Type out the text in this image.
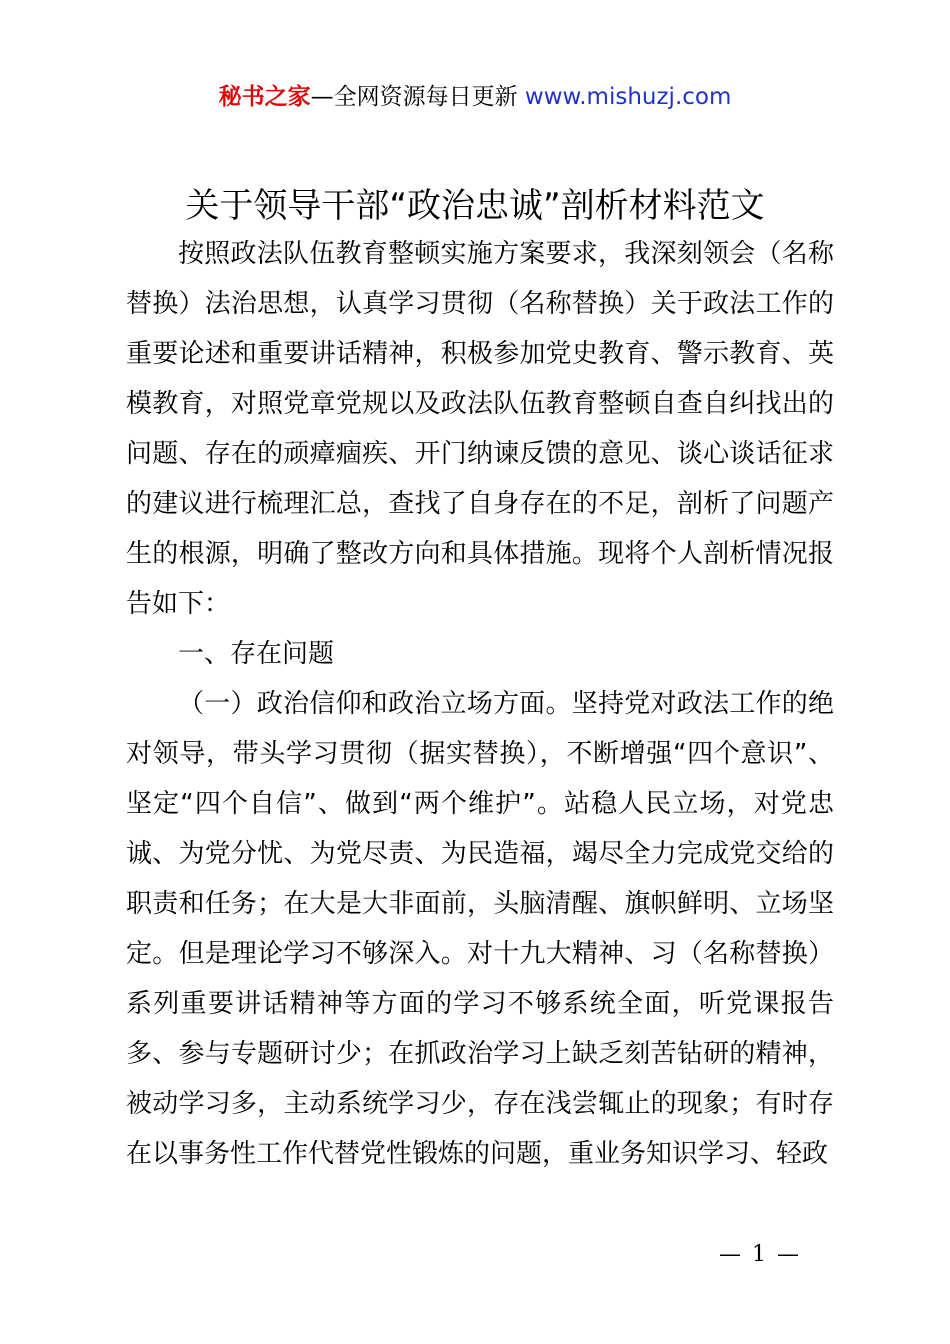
秘书之家—全网资源每日更新 www.mishuzj.com
关于领导干部“政治忠诚”剖析材料范文

按照政法队伍教育整顿实施方案要求，我深刻领会（名称替换）法治思想，认真学习贯彻（名称替换）关于政法工作的重要论述和重要讲话精神，积极参加党史教育、警示教育、英模教育，对照党章党规以及政法队伍教育整顿自查自纠找出的问题、存在的顽瘴痼疾、开门纳谏反馈的意见、谈心谈话征求的建议进行梳理汇总，查找了自身存在的不足，剖析了问题产生的根源，明确了整改方向和具体措施。现将个人剖析情况报告如下：

一、存在问题

（一）政治信仰和政治立场方面。坚持党对政法工作的绝对领导，带头学习贯彻（据实替换），不断增强“四个意识”、坚定“四个自信”、做到“两个维护”。站稳人民立场，对党忠诚、为党分忧、为党尽责、为民造福，竭尽全力完成党交给的职责和任务；在大是大非面前，头脑清醒、旗帜鲜明、立场坚定。但是理论学习不够深入。对十九大精神、习（名称替换）系列重要讲话精神等方面的学习不够系统全面，听党课报告多、参与专题研讨少；在抓政治学习上缺乏刻苦钻研的精神，被动学习多，主动系统学习少，存在浅尝辄止的现象；有时存在以事务性工作代替党性锻炼的问题，重业务知识学习、轻政

— 1 —
